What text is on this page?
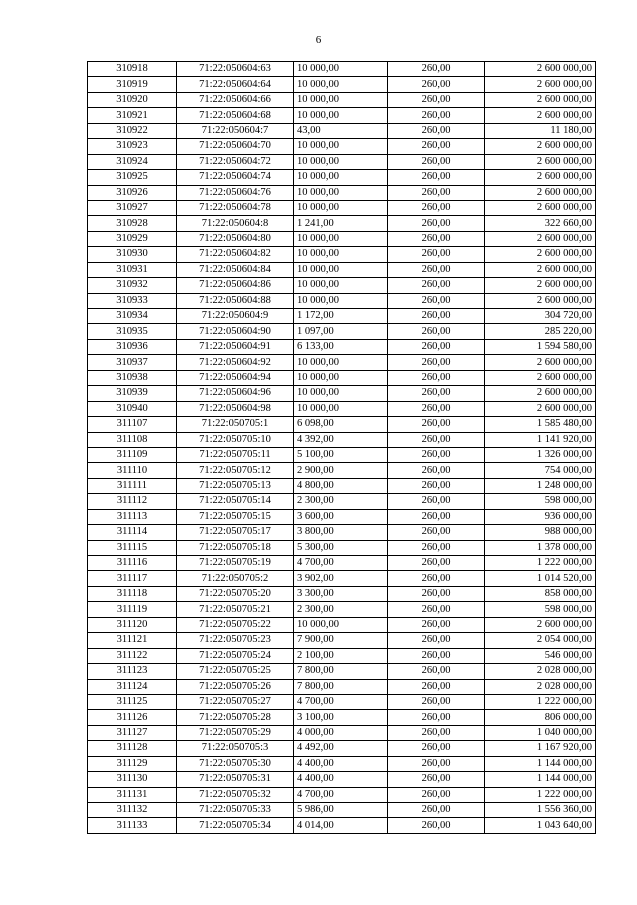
6
310918	71:22:050604:63	10 000,00	260,00	2 600 000,00
310919	71:22:050604:64	10 000,00	260,00	2 600 000,00
310920	71:22:050604:66	10 000,00	260,00	2 600 000,00
310921	71:22:050604:68	10 000,00	260,00	2 600 000,00
310922	71:22:050604:7	43,00	260,00	11 180,00
310923	71:22:050604:70	10 000,00	260,00	2 600 000,00
310924	71:22:050604:72	10 000,00	260,00	2 600 000,00
310925	71:22:050604:74	10 000,00	260,00	2 600 000,00
310926	71:22:050604:76	10 000,00	260,00	2 600 000,00
310927	71:22:050604:78	10 000,00	260,00	2 600 000,00
310928	71:22:050604:8	1 241,00	260,00	322 660,00
310929	71:22:050604:80	10 000,00	260,00	2 600 000,00
310930	71:22:050604:82	10 000,00	260,00	2 600 000,00
310931	71:22:050604:84	10 000,00	260,00	2 600 000,00
310932	71:22:050604:86	10 000,00	260,00	2 600 000,00
310933	71:22:050604:88	10 000,00	260,00	2 600 000,00
310934	71:22:050604:9	1 172,00	260,00	304 720,00
310935	71:22:050604:90	1 097,00	260,00	285 220,00
310936	71:22:050604:91	6 133,00	260,00	1 594 580,00
310937	71:22:050604:92	10 000,00	260,00	2 600 000,00
310938	71:22:050604:94	10 000,00	260,00	2 600 000,00
310939	71:22:050604:96	10 000,00	260,00	2 600 000,00
310940	71:22:050604:98	10 000,00	260,00	2 600 000,00
311107	71:22:050705:1	6 098,00	260,00	1 585 480,00
311108	71:22:050705:10	4 392,00	260,00	1 141 920,00
311109	71:22:050705:11	5 100,00	260,00	1 326 000,00
311110	71:22:050705:12	2 900,00	260,00	754 000,00
311111	71:22:050705:13	4 800,00	260,00	1 248 000,00
311112	71:22:050705:14	2 300,00	260,00	598 000,00
311113	71:22:050705:15	3 600,00	260,00	936 000,00
311114	71:22:050705:17	3 800,00	260,00	988 000,00
311115	71:22:050705:18	5 300,00	260,00	1 378 000,00
311116	71:22:050705:19	4 700,00	260,00	1 222 000,00
311117	71:22:050705:2	3 902,00	260,00	1 014 520,00
311118	71:22:050705:20	3 300,00	260,00	858 000,00
311119	71:22:050705:21	2 300,00	260,00	598 000,00
311120	71:22:050705:22	10 000,00	260,00	2 600 000,00
311121	71:22:050705:23	7 900,00	260,00	2 054 000,00
311122	71:22:050705:24	2 100,00	260,00	546 000,00
311123	71:22:050705:25	7 800,00	260,00	2 028 000,00
311124	71:22:050705:26	7 800,00	260,00	2 028 000,00
311125	71:22:050705:27	4 700,00	260,00	1 222 000,00
311126	71:22:050705:28	3 100,00	260,00	806 000,00
311127	71:22:050705:29	4 000,00	260,00	1 040 000,00
311128	71:22:050705:3	4 492,00	260,00	1 167 920,00
311129	71:22:050705:30	4 400,00	260,00	1 144 000,00
311130	71:22:050705:31	4 400,00	260,00	1 144 000,00
311131	71:22:050705:32	4 700,00	260,00	1 222 000,00
311132	71:22:050705:33	5 986,00	260,00	1 556 360,00
311133	71:22:050705:34	4 014,00	260,00	1 043 640,00
